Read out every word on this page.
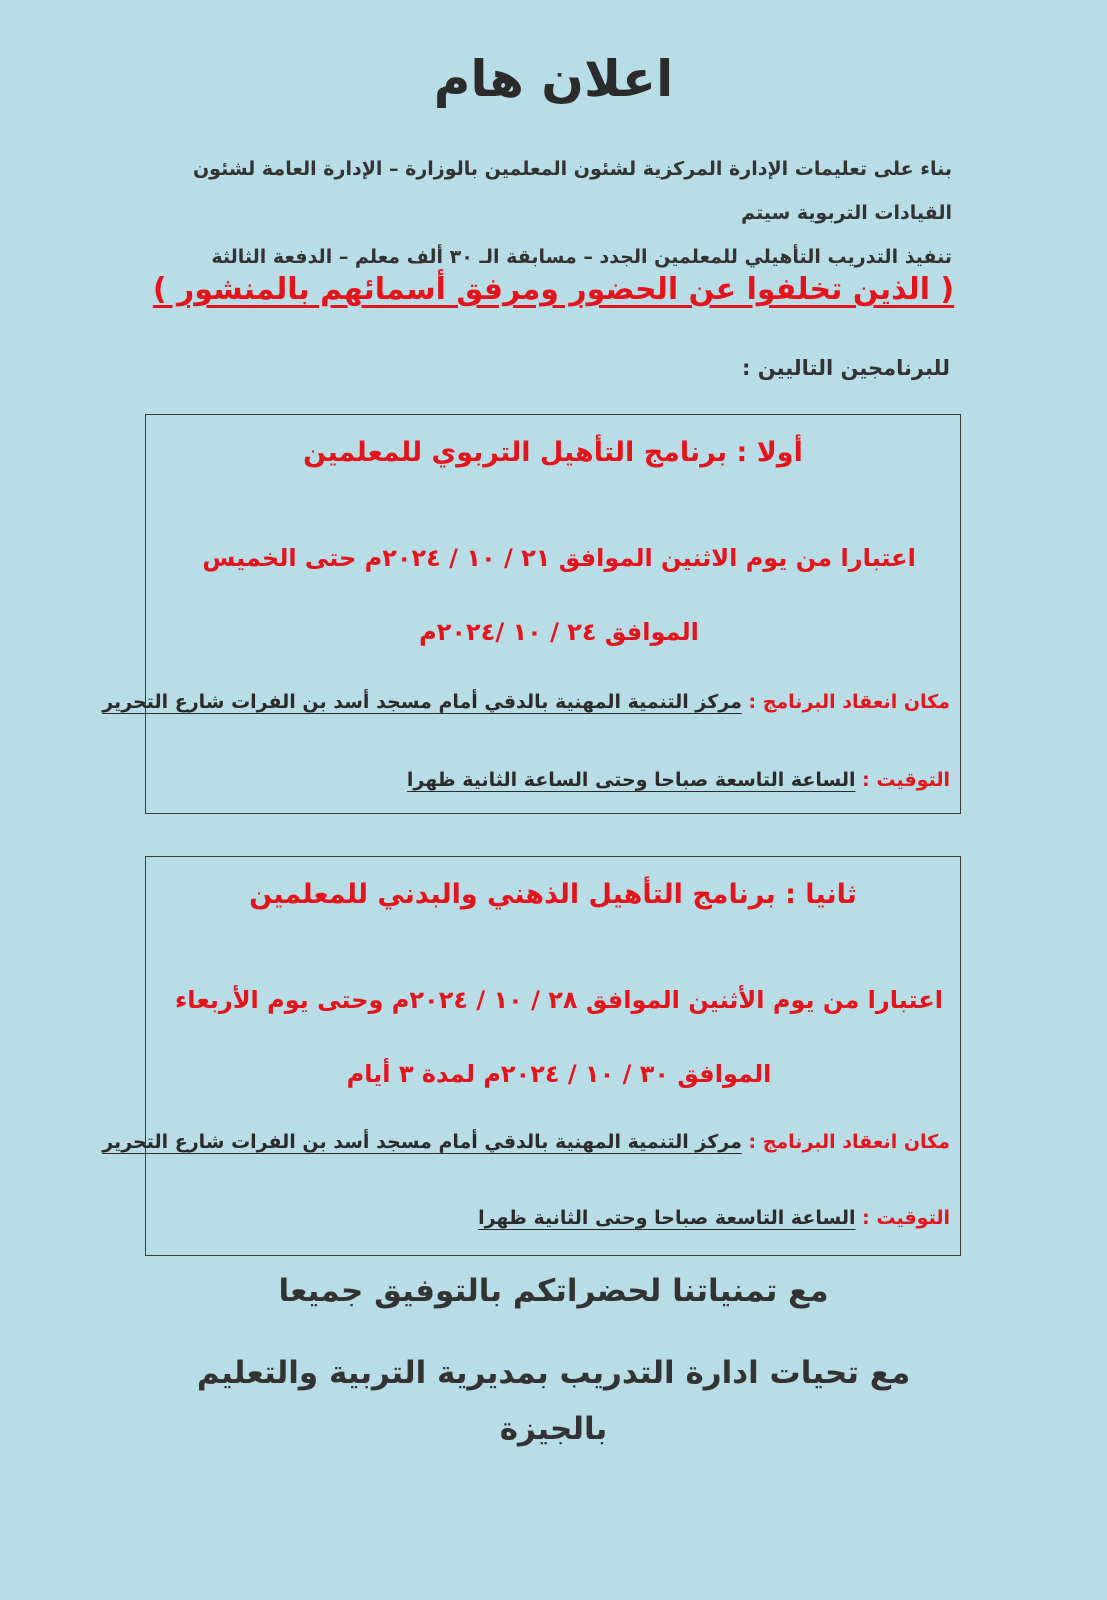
اعلان هام
بناء على تعليمات الإدارة المركزية لشئون المعلمين بالوزارة – الإدارة العامة لشئون القيادات التربوية سيتم
تنفيذ التدريب التأهيلي للمعلمين الجدد – مسابقة الـ ٣٠ ألف معلم – الدفعة الثالثة
( الذين تخلفوا عن الحضور ومرفق أسمائهم بالمنشور )
للبرنامجين التاليين :
أولا : برنامج التأهيل التربوي للمعلمين
اعتبارا من يوم الاثنين الموافق ٢١ / ١٠ / ٢٠٢٤م حتى الخميس الموافق ٢٤ / ١٠ /٢٠٢٤م
مكان انعقاد البرنامج : مركز التنمية المهنية بالدقي أمام مسجد أسد بن الفرات شارع التحرير
التوقيت : الساعة التاسعة صباحا وحتى الساعة الثانية ظهرا
ثانيا : برنامج التأهيل الذهني والبدني للمعلمين
اعتبارا من يوم الأثنين الموافق ٢٨ / ١٠ / ٢٠٢٤م وحتى يوم الأربعاء الموافق ٣٠ / ١٠ / ٢٠٢٤م لمدة ٣ أيام
مكان انعقاد البرنامج : مركز التنمية المهنية بالدقي أمام مسجد أسد بن الفرات شارع التحرير
التوقيت : الساعة التاسعة صباحا وحتى الثانية ظهرا
مع تمنياتنا لحضراتكم بالتوفيق جميعا
مع تحيات ادارة التدريب بمديرية التربية والتعليم بالجيزة
